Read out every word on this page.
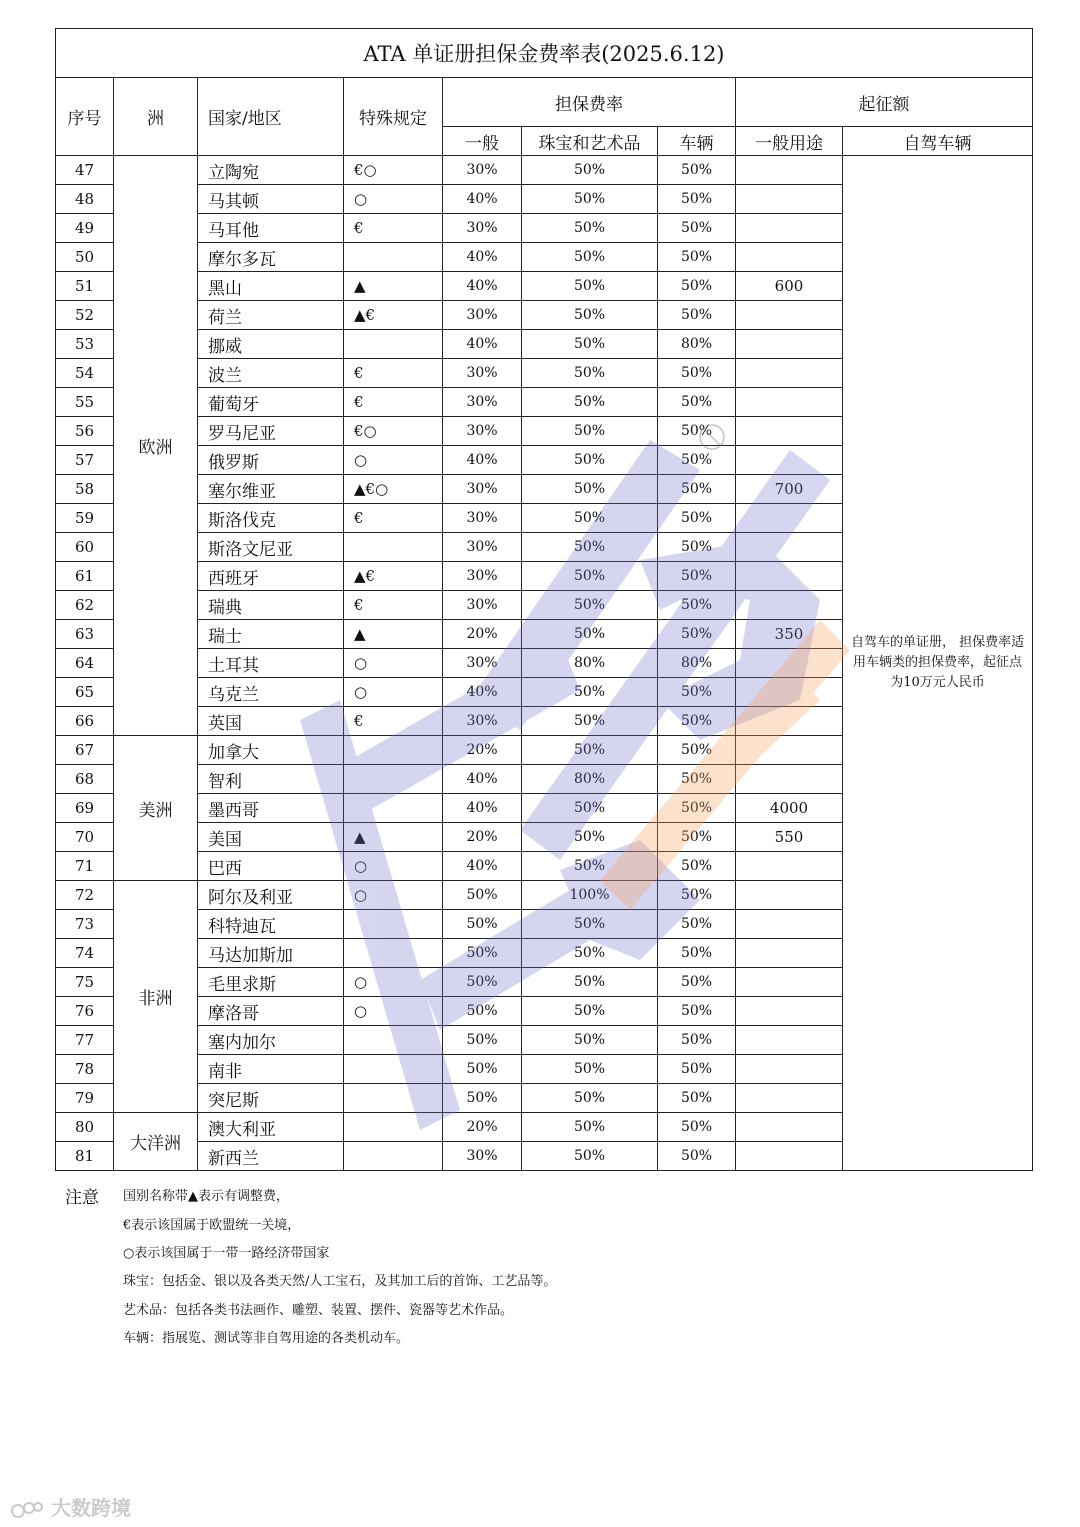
ATA 单证册担保金费率表(2025.6.12)								
序号	洲	国家/地区	特殊规定	担保费率			起征额	
				一般	珠宝和艺术品	车辆	一般用途	自驾车辆
47	欧洲	立陶宛	€○	30%	50%	50%		自驾车的单证册， 担保费率适用车辆类的担保费率，起征点为10万元人民币
48		马其顿	○	40%	50%	50%		
49		马耳他	€	30%	50%	50%		
50		摩尔多瓦		40%	50%	50%		
51		黑山	▲	40%	50%	50%	600	
52		荷兰	▲€	30%	50%	50%		
53		挪威		40%	50%	80%		
54		波兰	€	30%	50%	50%		
55		葡萄牙	€	30%	50%	50%		
56		罗马尼亚	€○	30%	50%	50%		
57		俄罗斯	○	40%	50%	50%		
58		塞尔维亚	▲€○	30%	50%	50%	700	
59		斯洛伐克	€	30%	50%	50%		
60		斯洛文尼亚		30%	50%	50%		
61		西班牙	▲€	30%	50%	50%		
62		瑞典	€	30%	50%	50%		
63		瑞士	▲	20%	50%	50%	350	
64		土耳其	○	30%	80%	80%		
65		乌克兰	○	40%	50%	50%		
66		英国	€	30%	50%	50%		
67	美洲	加拿大		20%	50%	50%		
68		智利		40%	80%	50%		
69		墨西哥		40%	50%	50%	4000	
70		美国	▲	20%	50%	50%	550	
71		巴西	○	40%	50%	50%		
72	非洲	阿尔及利亚	○	50%	100%	50%		
73		科特迪瓦		50%	50%	50%		
74		马达加斯加		50%	50%	50%		
75		毛里求斯	○	50%	50%	50%		
76		摩洛哥	○	50%	50%	50%		
77		塞内加尔		50%	50%	50%		
78		南非		50%	50%	50%		
79		突尼斯		50%	50%	50%		
80	大洋洲	澳大利亚		20%	50%	50%		
81		新西兰		30%	50%	50%		
注意 国别名称带▲表示有调整费，
€表示该国属于欧盟统一关境，
○表示该国属于一带一路经济带国家
珠宝：包括金、银以及各类天然/人工宝石，及其加工后的首饰、工艺品等。
艺术品：包括各类书法画作、雕塑、装置、摆件、瓷器等艺术作品。
车辆：指展览、测试等非自驾用途的各类机动车。
大数跨境
